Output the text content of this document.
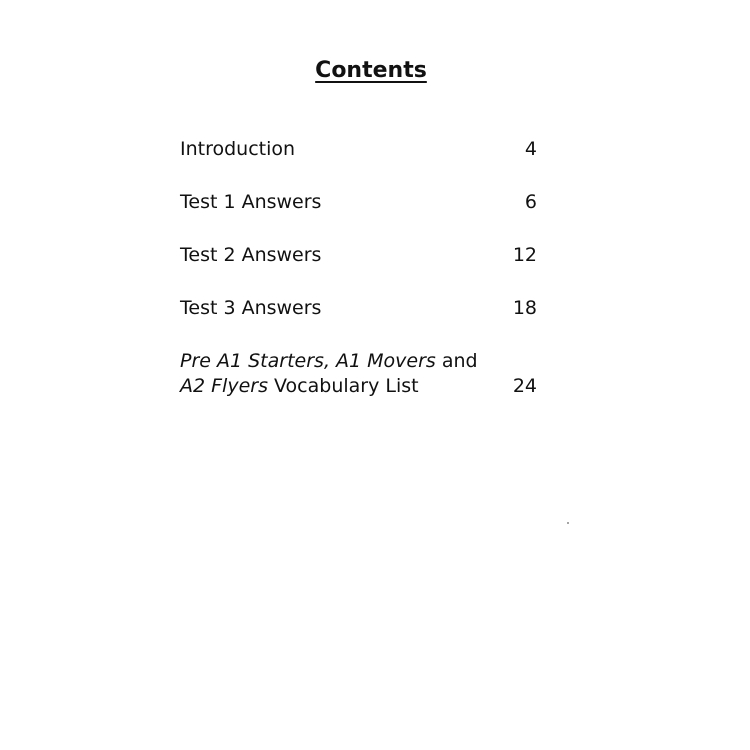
Contents
Introduction	4
Test 1 Answers	6
Test 2 Answers	12
Test 3 Answers	18
Pre A1 Starters, A1 Movers and
A2 Flyers Vocabulary List	24
